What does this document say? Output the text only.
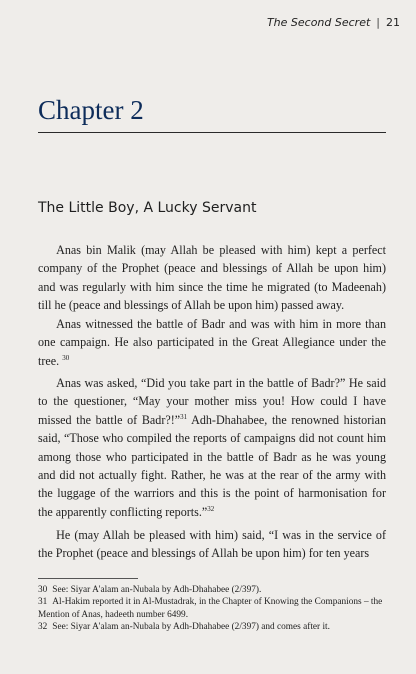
The Second Secret | 21
Chapter 2
The Little Boy, A Lucky Servant

Anas bin Malik (may Allah be pleased with him) kept a perfect company of the Prophet (peace and blessings of Allah be upon him) and was regularly with him since the time he migrated (to Madeenah) till he (peace and blessings of Allah be upon him) passed away.

Anas witnessed the battle of Badr and was with him in more than one campaign. He also participated in the Great Allegiance under the tree. $^{30}$

Anas was asked, “Did you take part in the battle of Badr?” He said to the questioner, “May your mother miss you! How could I have missed the battle of Badr?!”$^{31}$ Adh-Dhahabee, the renowned historian said, “Those who compiled the reports of campaigns did not count him among those who participated in the battle of Badr as he was young and did not actually fight. Rather, he was at the rear of the army with the luggage of the warriors and this is the point of harmonisation for the apparently conflicting reports.”$^{32}$

He (may Allah be pleased with him) said, “I was in the service of the Prophet (peace and blessings of Allah be upon him) for ten years

30 See: Siyar A'alam an-Nubala by Adh-Dhahabee (2/397).

31 Al-Hakim reported it in Al-Mustadrak, in the Chapter of Knowing the Companions – the Mention of Anas, hadeeth number 6499.

32 See: Siyar A'alam an-Nubala by Adh-Dhahabee (2/397) and comes after it.
